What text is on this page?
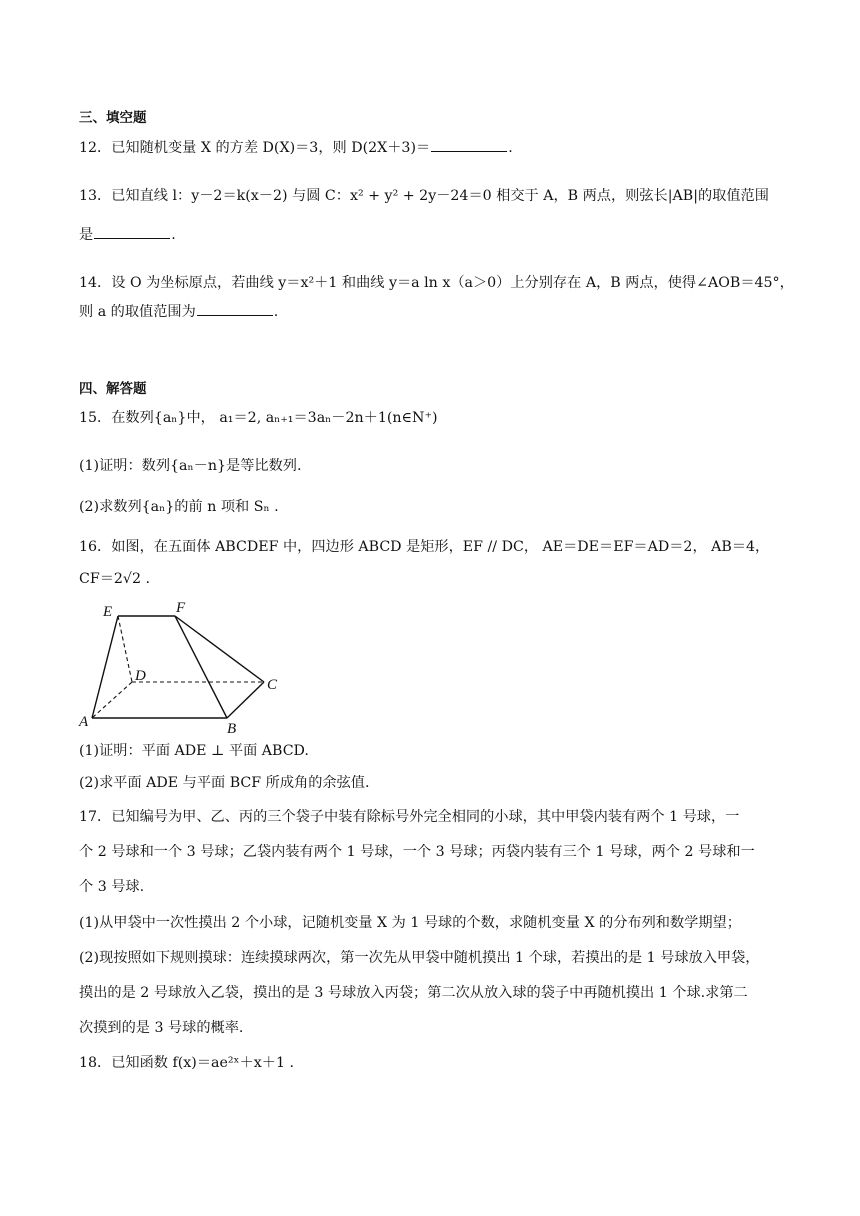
三、填空题
12．已知随机变量 X 的方差 D(X)＝3，则 D(2X＋3)＝	.
13．已知直线 l：y－2＝k(x－2) 与圆 C：x² + y² + 2y－24＝0 相交于 A，B 两点，则弦长|AB|的取值范围
是	.
14．设 O 为坐标原点，若曲线 y＝x²＋1 和曲线 y＝a ln x（a＞0）上分别存在 A，B 两点，使得∠AOB＝45°，
则 a 的取值范围为	.
四、解答题
15．在数列{aₙ}中， a₁＝2, aₙ₊₁＝3aₙ－2n＋1(n∈N⁺)
(1)证明：数列{aₙ－n}是等比数列.
(2)求数列{aₙ}的前 n 项和 Sₙ .
16．如图，在五面体 ABCDEF 中，四边形 ABCD 是矩形，EF // DC， AE＝DE＝EF＝AD＝2， AB＝4，
CF＝2√2 .
E	F
D
C
A	B
(1)证明：平面 ADE ⊥ 平面 ABCD.
(2)求平面 ADE 与平面 BCF 所成角的余弦值.
17．已知编号为甲、乙、丙的三个袋子中装有除标号外完全相同的小球，其中甲袋内装有两个 1 号球，一
个 2 号球和一个 3 号球；乙袋内装有两个 1 号球，一个 3 号球；丙袋内装有三个 1 号球，两个 2 号球和一
个 3 号球.
(1)从甲袋中一次性摸出 2 个小球，记随机变量 X 为 1 号球的个数，求随机变量 X 的分布列和数学期望；
(2)现按照如下规则摸球：连续摸球两次，第一次先从甲袋中随机摸出 1 个球，若摸出的是 1 号球放入甲袋，
摸出的是 2 号球放入乙袋，摸出的是 3 号球放入丙袋；第二次从放入球的袋子中再随机摸出 1 个球.求第二
次摸到的是 3 号球的概率.
18．已知函数 f(x)＝ae²ˣ＋x＋1 .
